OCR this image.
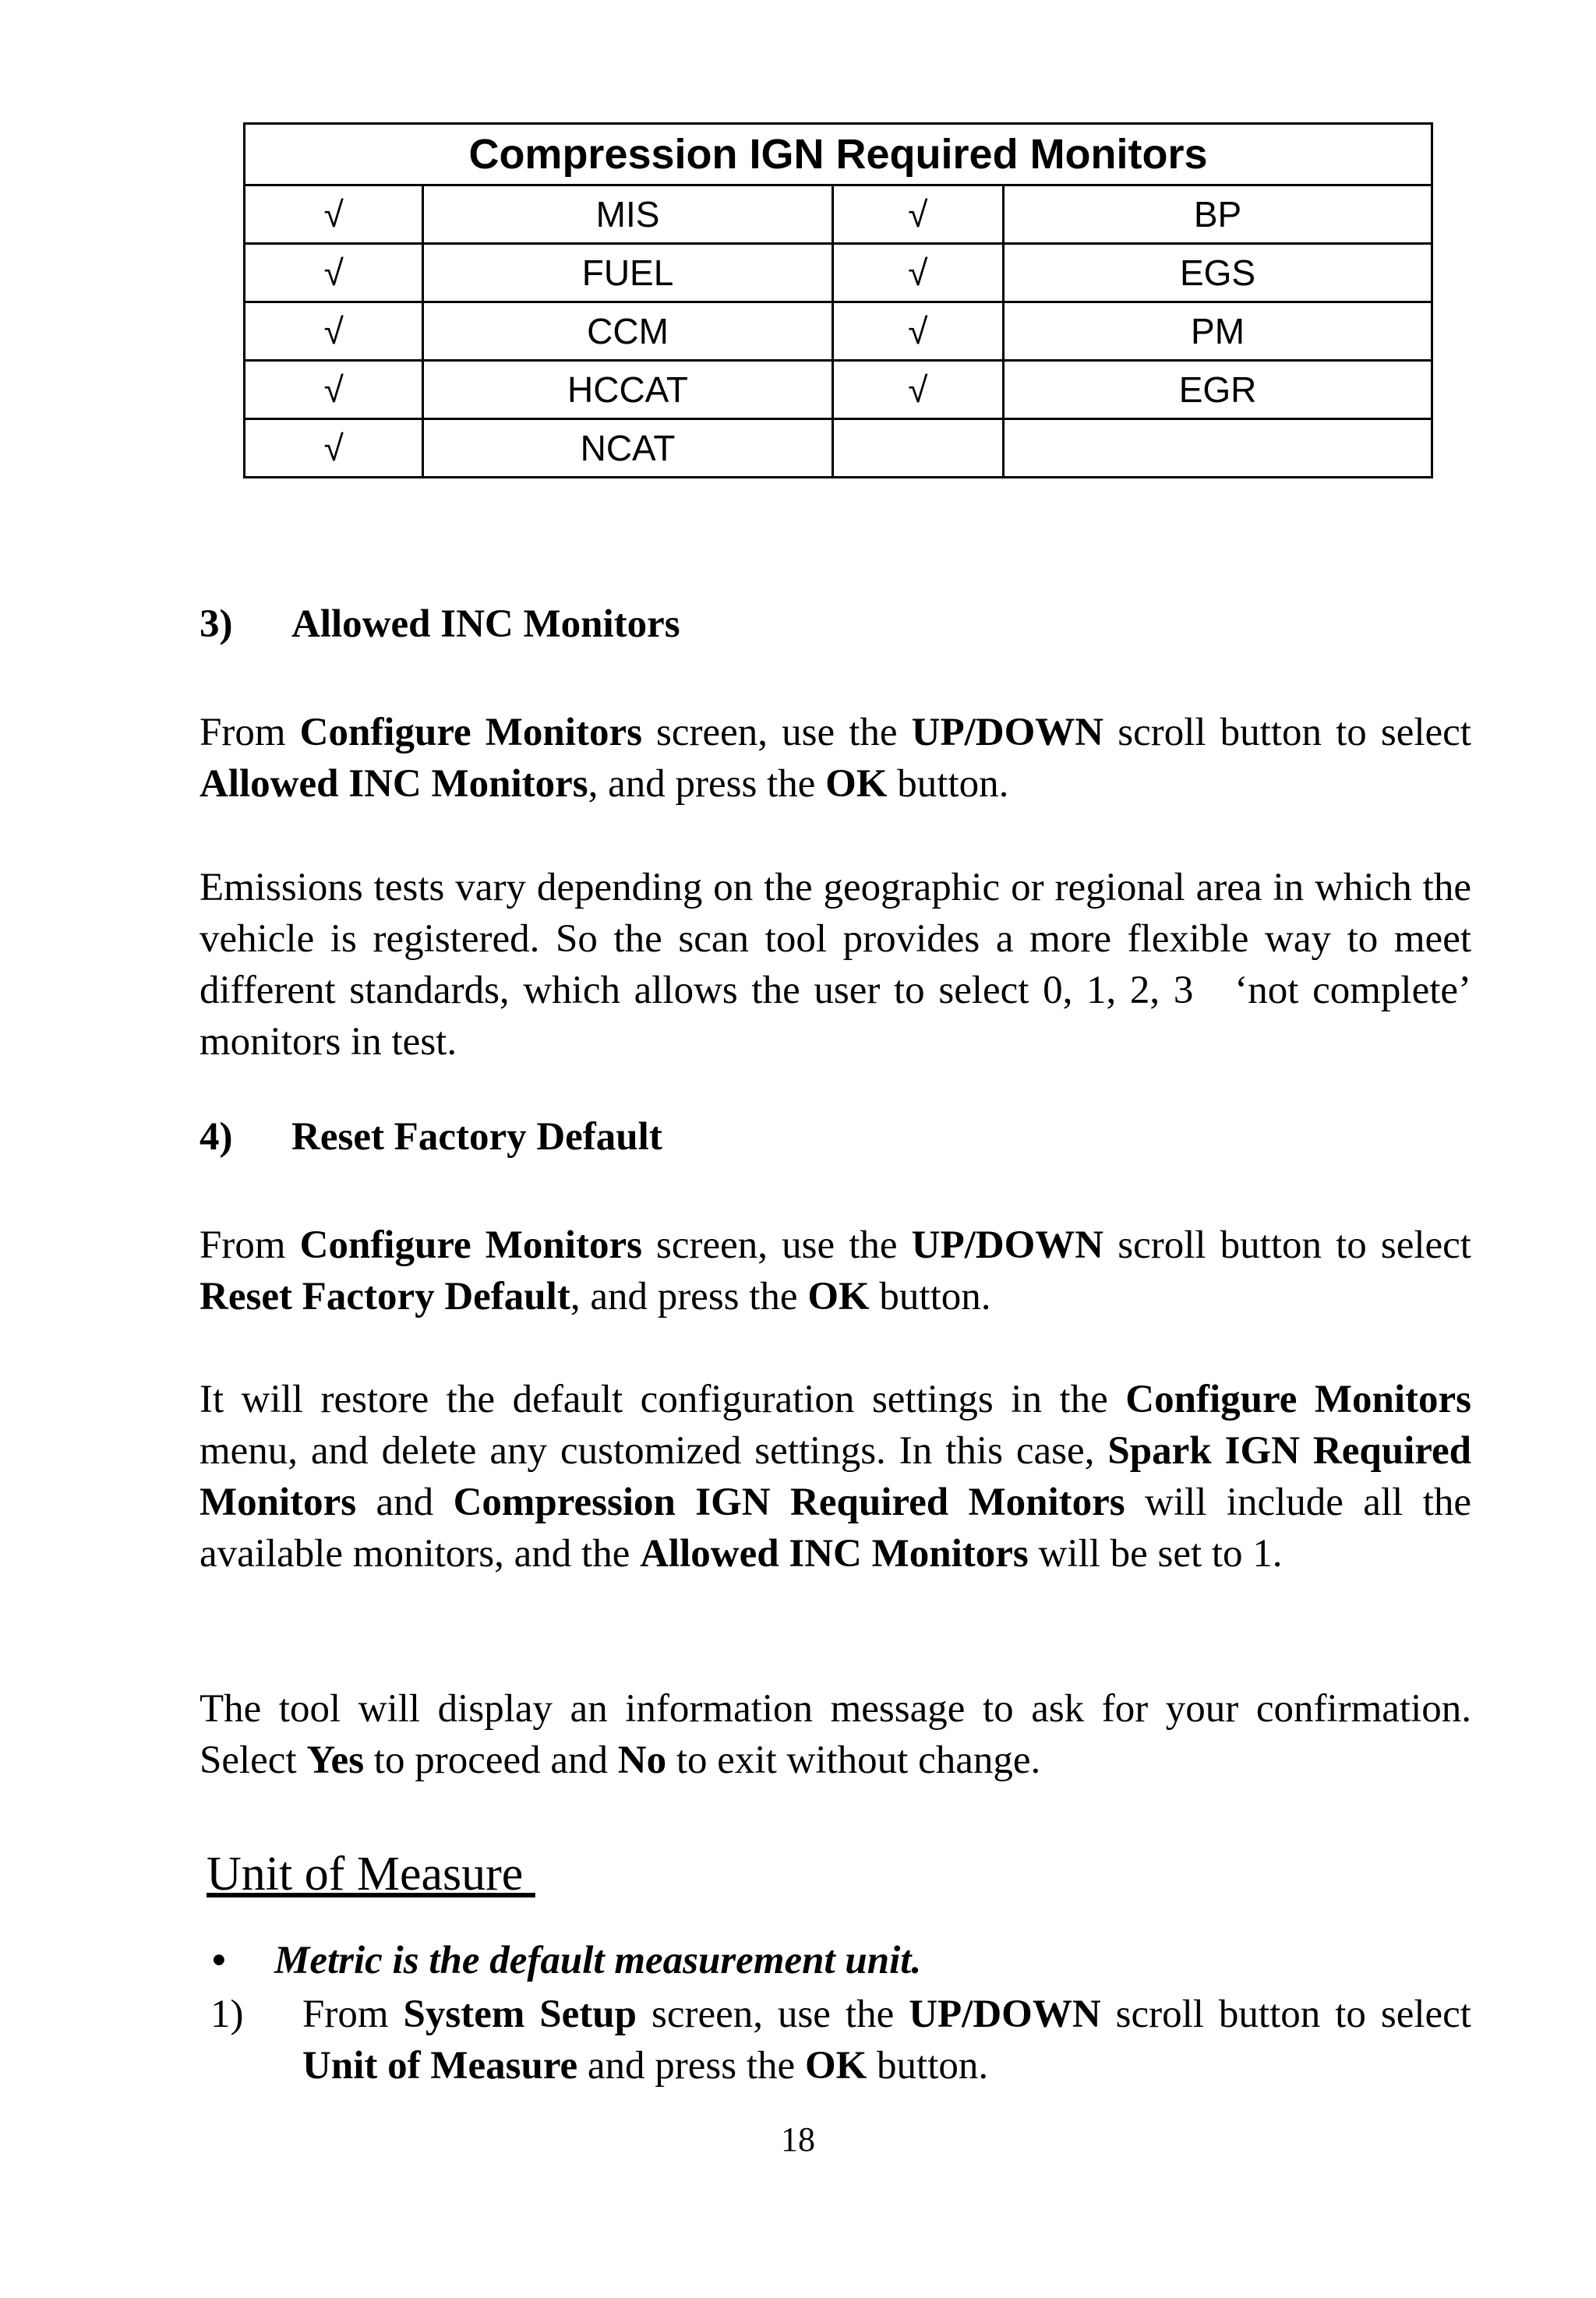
Compression IGN Required Monitors			
√	MIS	√	BP
√	FUEL	√	EGS
√	CCM	√	PM
√	HCCAT	√	EGR
√	NCAT		
3) Allowed INC Monitors
From Configure Monitors screen, use the UP/DOWN scroll button to select Allowed INC Monitors, and press the OK button.
Emissions tests vary depending on the geographic or regional area in which the vehicle is registered. So the scan tool provides a more flexible way to meet different standards, which allows the user to select 0, 1, 2, 3   ‘not complete’ monitors in test.
4) Reset Factory Default
From Configure Monitors screen, use the UP/DOWN scroll button to select Reset Factory Default, and press the OK button.
It will restore the default configuration settings in the Configure Monitors menu, and delete any customized settings. In this case, Spark IGN Required Monitors and Compression IGN Required Monitors will include all the available monitors, and the Allowed INC Monitors will be set to 1.
The tool will display an information message to ask for your confirmation. Select Yes to proceed and No to exit without change.
Unit of Measure
• Metric is the default measurement unit.
1) From System Setup screen, use the UP/DOWN scroll button to select Unit of Measure and press the OK button.
18
